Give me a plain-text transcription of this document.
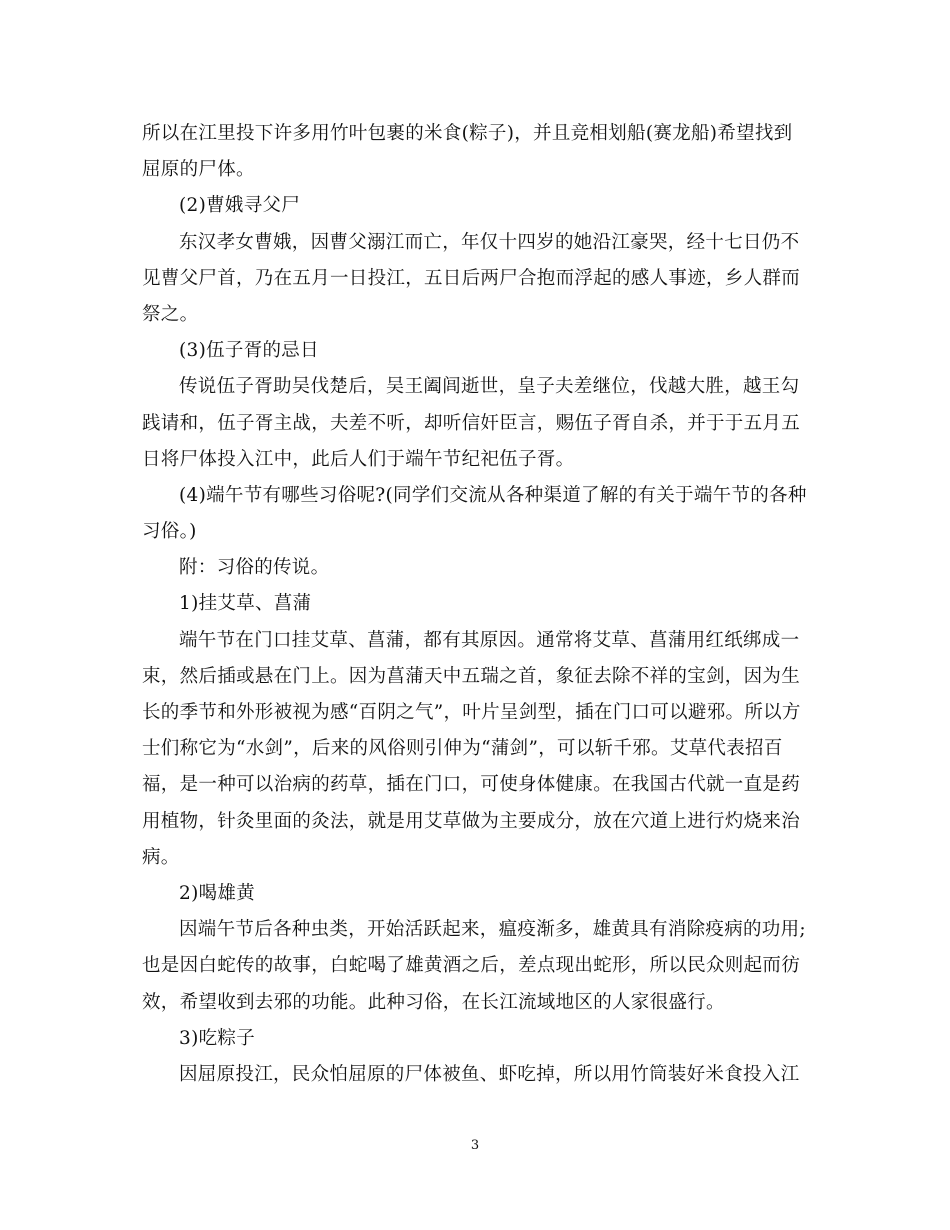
所以在江里投下许多用竹叶包裹的米食(粽子)，并且竞相划船(赛龙船)希望找到
屈原的尸体。
(2)曹娥寻父尸
东汉孝女曹娥，因曹父溺江而亡，年仅十四岁的她沿江豪哭，经十七日仍不
见曹父尸首，乃在五月一日投江，五日后两尸合抱而浮起的感人事迹，乡人群而
祭之。
(3)伍子胥的忌日
传说伍子胥助吴伐楚后，吴王阖闾逝世，皇子夫差继位，伐越大胜，越王勾
践请和，伍子胥主战，夫差不听，却听信奸臣言，赐伍子胥自杀，并于于五月五
日将尸体投入江中，此后人们于端午节纪祀伍子胥。
(4)端午节有哪些习俗呢?(同学们交流从各种渠道了解的有关于端午节的各种
习俗。)
附：习俗的传说。
1)挂艾草、菖蒲
端午节在门口挂艾草、菖蒲，都有其原因。通常将艾草、菖蒲用红纸绑成一
束，然后插或悬在门上。因为菖蒲天中五瑞之首，象征去除不祥的宝剑，因为生
长的季节和外形被视为感“百阴之气”，叶片呈剑型，插在门口可以避邪。所以方
士们称它为“水剑”，后来的风俗则引伸为“蒲剑”，可以斩千邪。艾草代表招百
福，是一种可以治病的药草，插在门口，可使身体健康。在我国古代就一直是药
用植物，针灸里面的灸法，就是用艾草做为主要成分，放在穴道上进行灼烧来治
病。
2)喝雄黄
因端午节后各种虫类，开始活跃起来，瘟疫渐多，雄黄具有消除疫病的功用;
也是因白蛇传的故事，白蛇喝了雄黄酒之后，差点现出蛇形，所以民众则起而彷
效，希望收到去邪的功能。此种习俗，在长江流域地区的人家很盛行。
3)吃粽子
因屈原投江，民众怕屈原的尸体被鱼、虾吃掉，所以用竹筒装好米食投入江
3
